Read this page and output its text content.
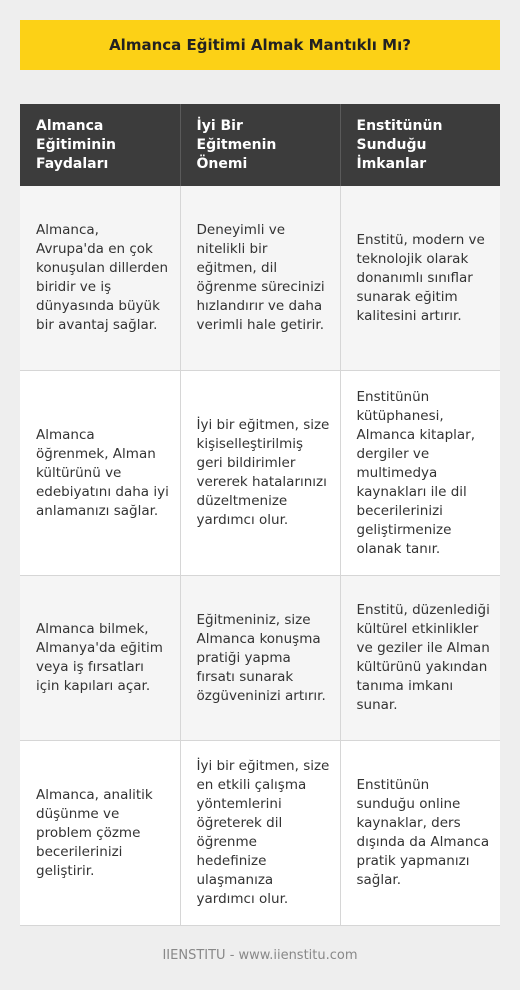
Almanca Eğitimi Almak Mantıklı Mı?
Almanca Eğitiminin Faydaları	İyi Bir Eğitmenin Önemi	Enstitünün Sunduğu İmkanlar
Almanca, Avrupa'da en çok konuşulan dillerden biridir ve iş dünyasında büyük bir avantaj sağlar.	Deneyimli ve nitelikli bir eğitmen, dil öğrenme sürecinizi hızlandırır ve daha verimli hale getirir.	Enstitü, modern ve teknolojik olarak donanımlı sınıflar sunarak eğitim kalitesini artırır.
Almanca öğrenmek, Alman kültürünü ve edebiyatını daha iyi anlamanızı sağlar.	İyi bir eğitmen, size kişiselleştirilmiş geri bildirimler vererek hatalarınızı düzeltmenize yardımcı olur.	Enstitünün kütüphanesi, Almanca kitaplar, dergiler ve multimedya kaynakları ile dil becerilerinizi geliştirmenize olanak tanır.
Almanca bilmek, Almanya'da eğitim veya iş fırsatları için kapıları açar.	Eğitmeniniz, size Almanca konuşma pratiği yapma fırsatı sunarak özgüveninizi artırır.	Enstitü, düzenlediği kültürel etkinlikler ve geziler ile Alman kültürünü yakından tanıma imkanı sunar.
Almanca, analitik düşünme ve problem çözme becerilerinizi geliştirir.	İyi bir eğitmen, size en etkili çalışma yöntemlerini öğreterek dil öğrenme hedefinize ulaşmanıza yardımcı olur.	Enstitünün sunduğu online kaynaklar, ders dışında da Almanca pratik yapmanızı sağlar.
IIENSTITU - www.iienstitu.com
